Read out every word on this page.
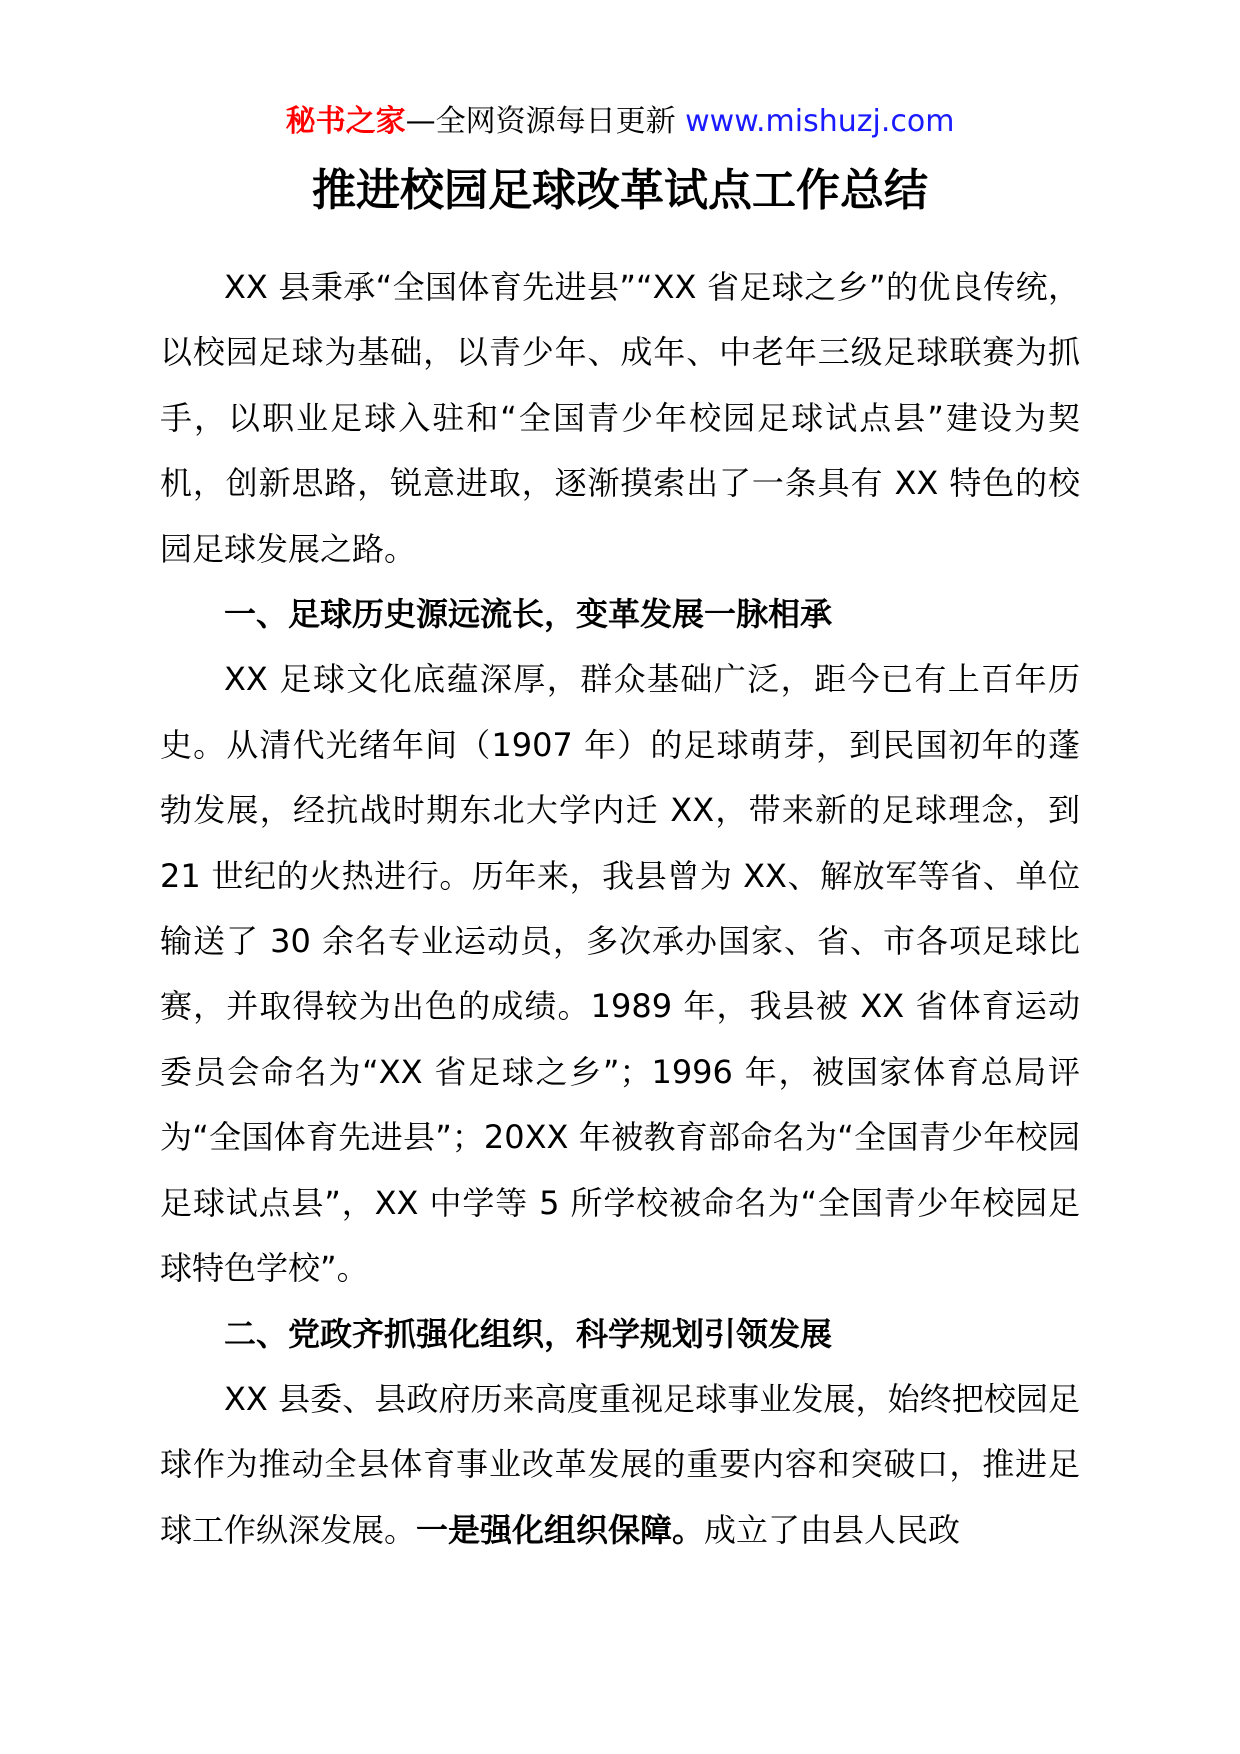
秘书之家—全网资源每日更新 www.mishuzj.com
推进校园足球改革试点工作总结

XX 县秉承“全国体育先进县”“XX 省足球之乡”的优良传统，以校园足球为基础，以青少年、成年、中老年三级足球联赛为抓手，以职业足球入驻和“全国青少年校园足球试点县”建设为契机，创新思路，锐意进取，逐渐摸索出了一条具有 XX 特色的校园足球发展之路。

一、足球历史源远流长，变革发展一脉相承

XX 足球文化底蕴深厚，群众基础广泛，距今已有上百年历史。从清代光绪年间（1907 年）的足球萌芽，到民国初年的蓬勃发展，经抗战时期东北大学内迁 XX，带来新的足球理念，到 21 世纪的火热进行。历年来，我县曾为 XX、解放军等省、单位输送了 30 余名专业运动员，多次承办国家、省、市各项足球比赛，并取得较为出色的成绩。1989 年，我县被 XX 省体育运动委员会命名为“XX 省足球之乡”；1996 年，被国家体育总局评为“全国体育先进县”；20XX 年被教育部命名为“全国青少年校园足球试点县”，XX 中学等 5 所学校被命名为“全国青少年校园足球特色学校”。

二、党政齐抓强化组织，科学规划引领发展

XX 县委、县政府历来高度重视足球事业发展，始终把校园足球作为推动全县体育事业改革发展的重要内容和突破口，推进足球工作纵深发展。一是强化组织保障。成立了由县人民政
